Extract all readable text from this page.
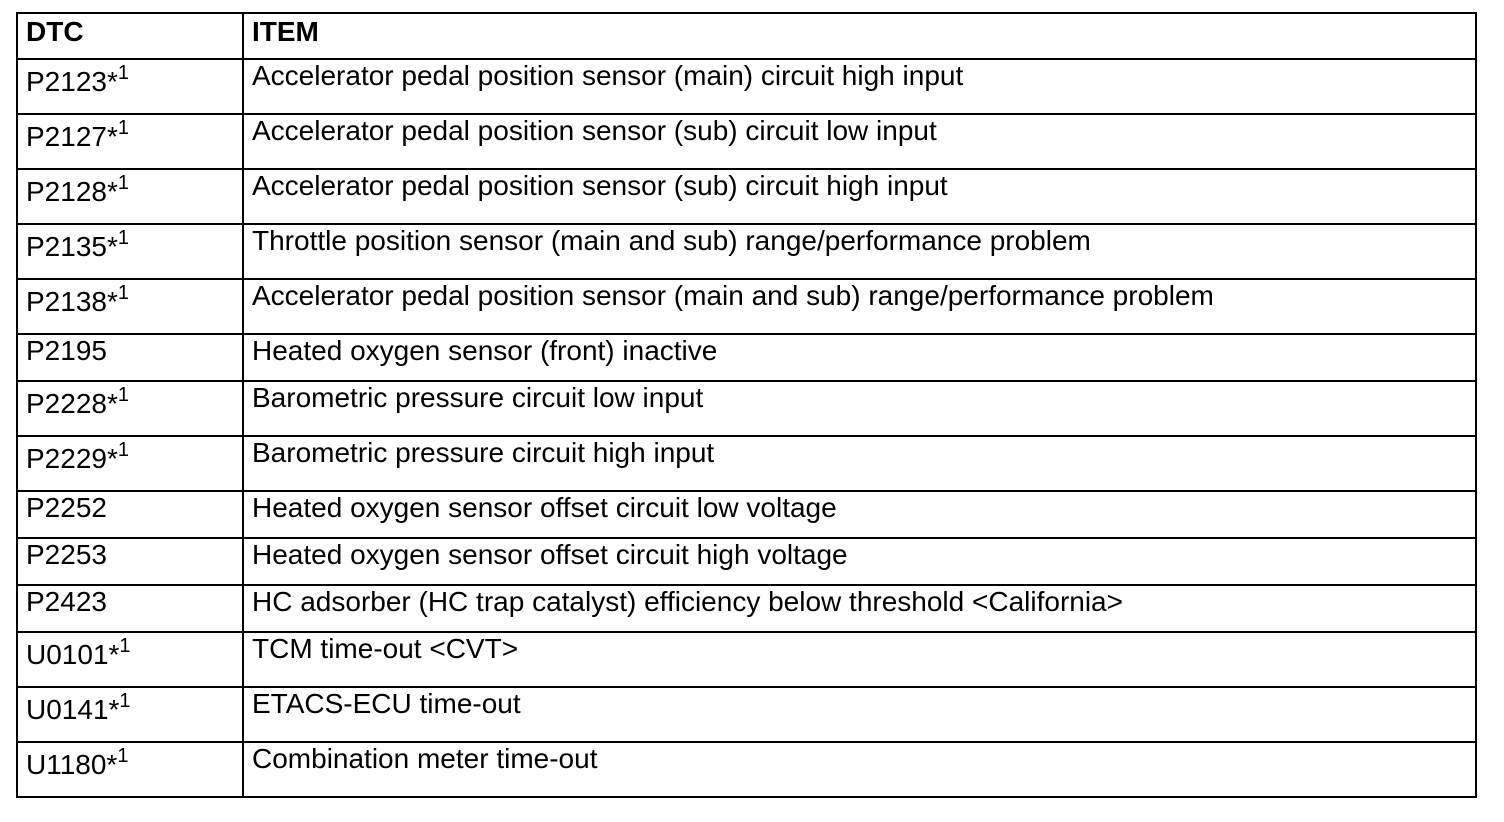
DTC	ITEM
P2123*$^1$	Accelerator pedal position sensor (main) circuit high input
P2127*$^1$	Accelerator pedal position sensor (sub) circuit low input
P2128*$^1$	Accelerator pedal position sensor (sub) circuit high input
P2135*$^1$	Throttle position sensor (main and sub) range/performance problem
P2138*$^1$	Accelerator pedal position sensor (main and sub) range/performance problem
P2195	Heated oxygen sensor (front) inactive
P2228*$^1$	Barometric pressure circuit low input
P2229*$^1$	Barometric pressure circuit high input
P2252	Heated oxygen sensor offset circuit low voltage
P2253	Heated oxygen sensor offset circuit high voltage
P2423	HC adsorber (HC trap catalyst) efficiency below threshold <California>
U0101*$^1$	TCM time-out <CVT>
U0141*$^1$	ETACS-ECU time-out
U1180*$^1$	Combination meter time-out
